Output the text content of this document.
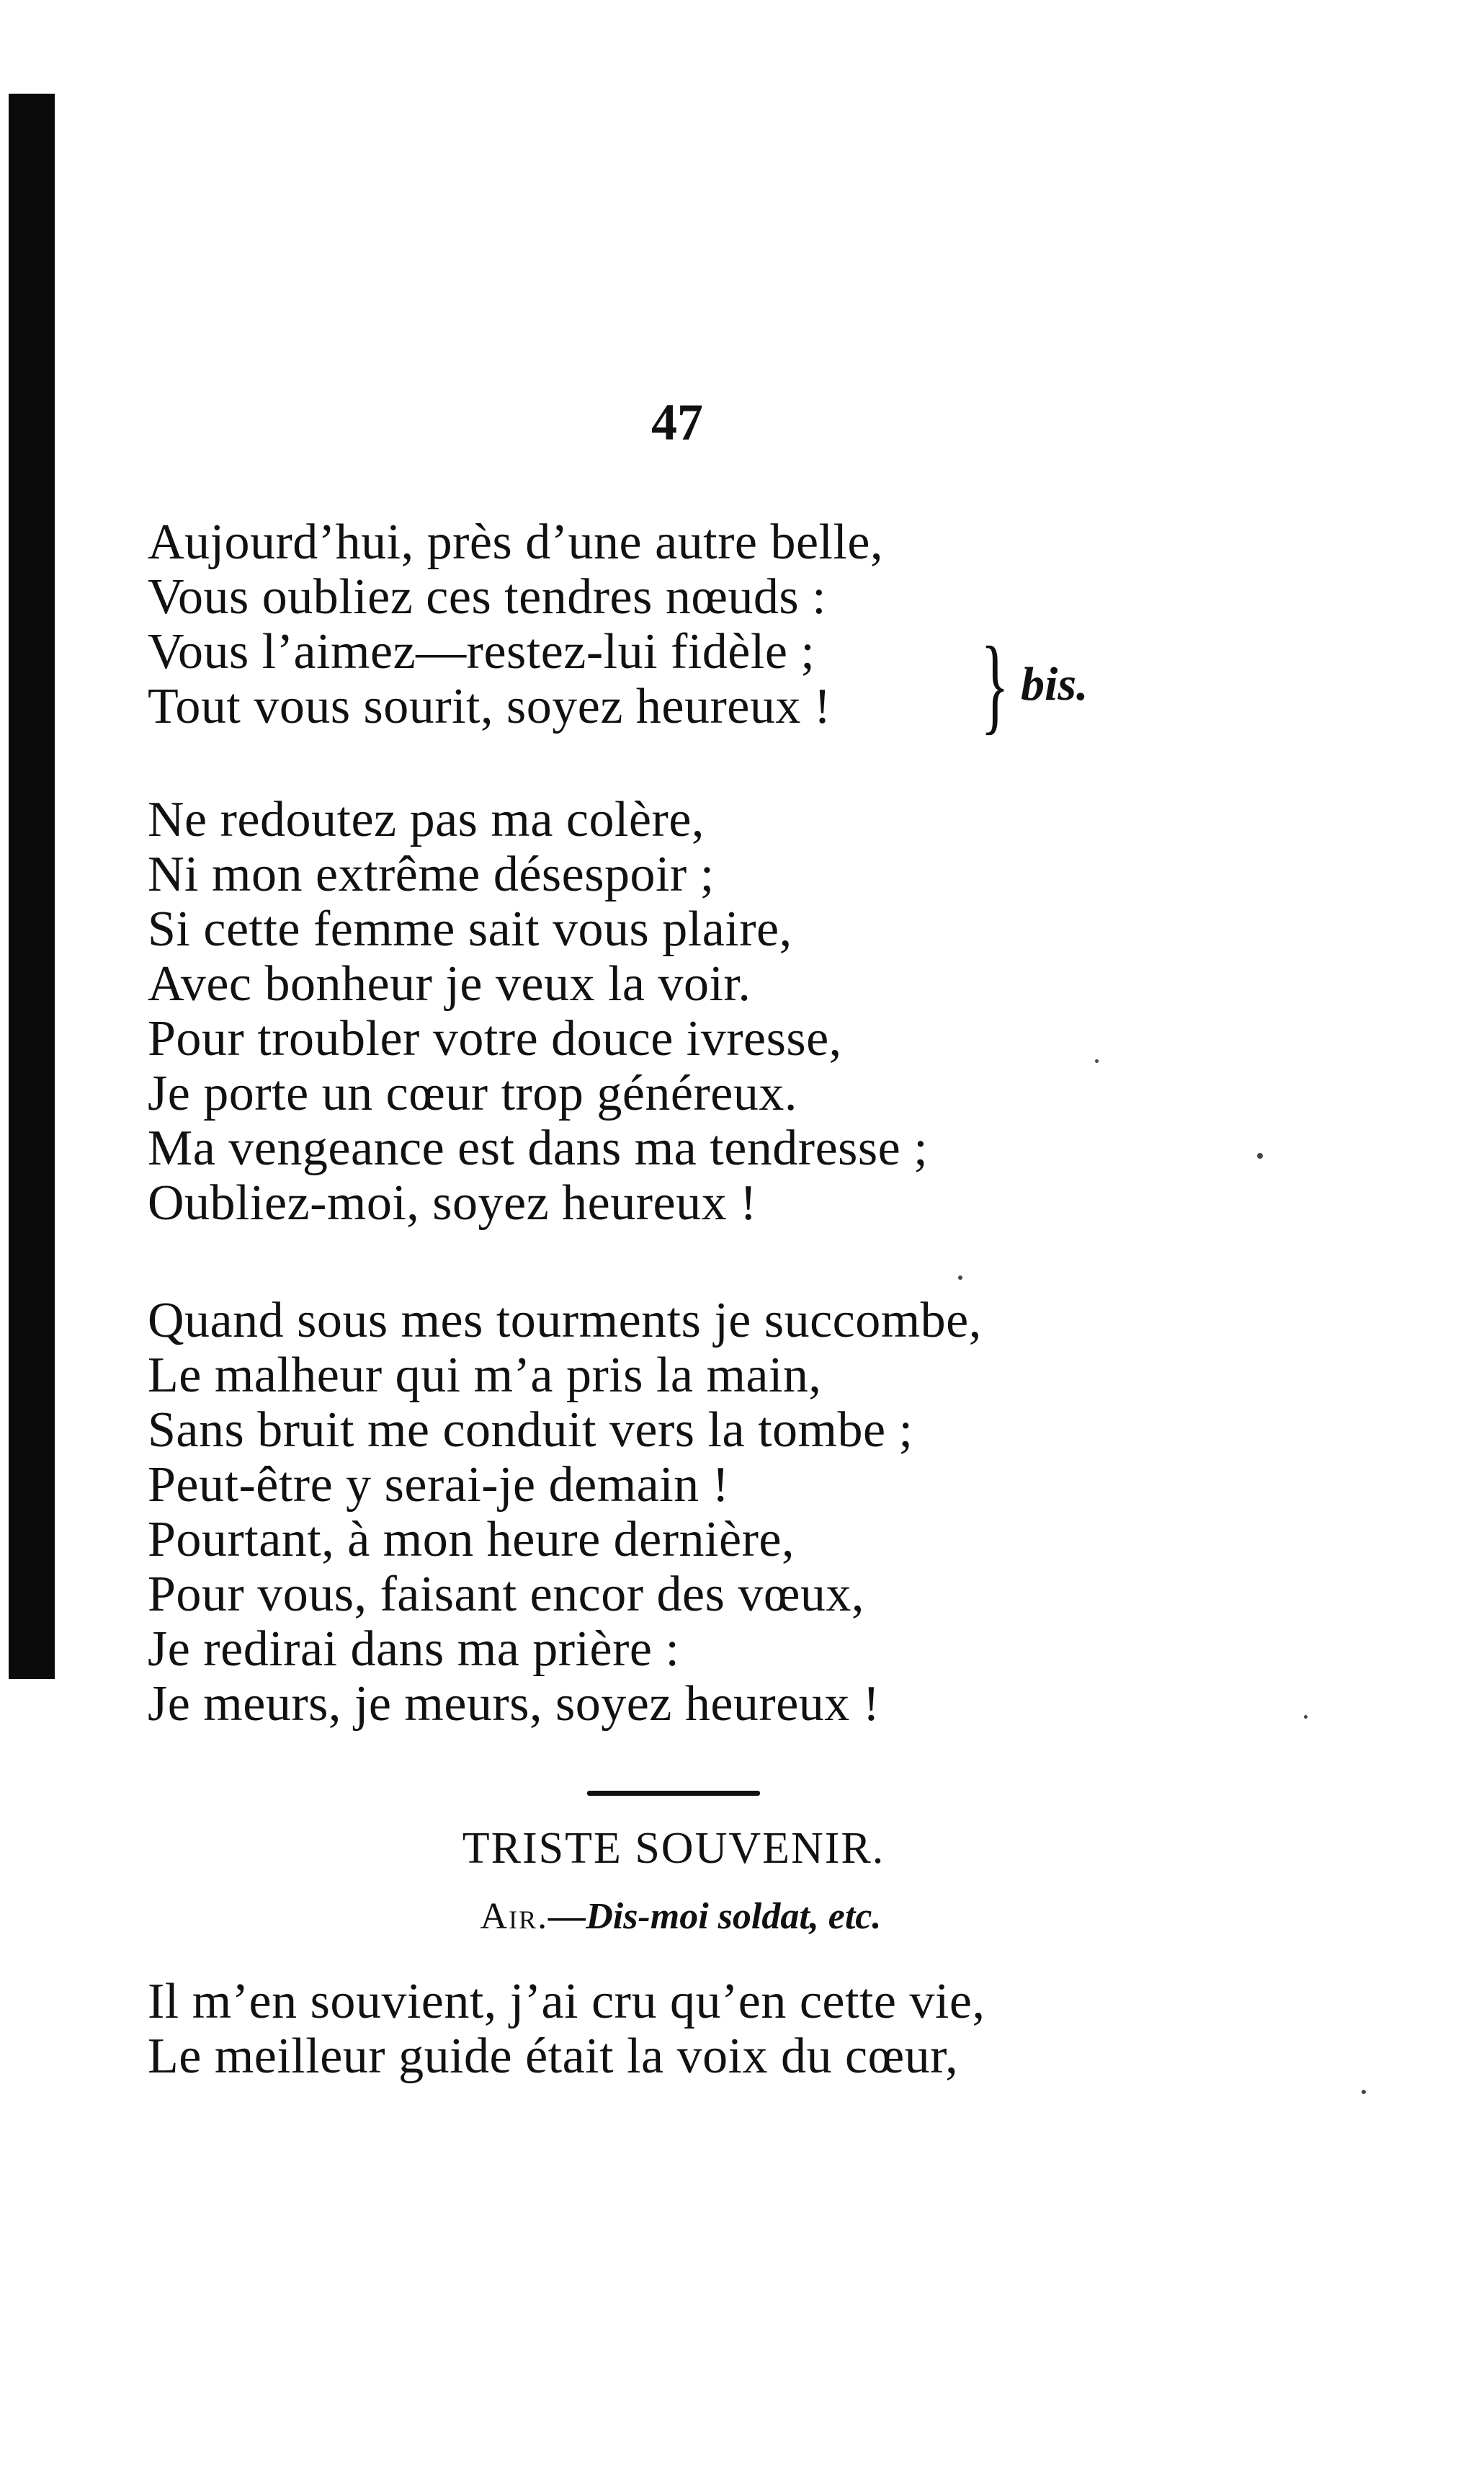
47
Aujourd’hui, près d’une autre belle,
Vous oubliez ces tendres nœuds :
Vous l’aimez—restez-lui fidèle ;
Tout vous sourit, soyez heureux !	} bis.
Ne redoutez pas ma colère,
Ni mon extrême désespoir ;
Si cette femme sait vous plaire,
Avec bonheur je veux la voir.
Pour troubler votre douce ivresse,
Je porte un cœur trop généreux.
Ma vengeance est dans ma tendresse ;
Oubliez-moi, soyez heureux !
Quand sous mes tourments je succombe,
Le malheur qui m’a pris la main,
Sans bruit me conduit vers la tombe ;
Peut-être y serai-je demain !
Pourtant, à mon heure dernière,
Pour vous, faisant encor des vœux,
Je redirai dans ma prière :
Je meurs, je meurs, soyez heureux !
TRISTE SOUVENIR.
Air.—Dis-moi soldat, etc.
Il m’en souvient, j’ai cru qu’en cette vie,
Le meilleur guide était la voix du cœur,
